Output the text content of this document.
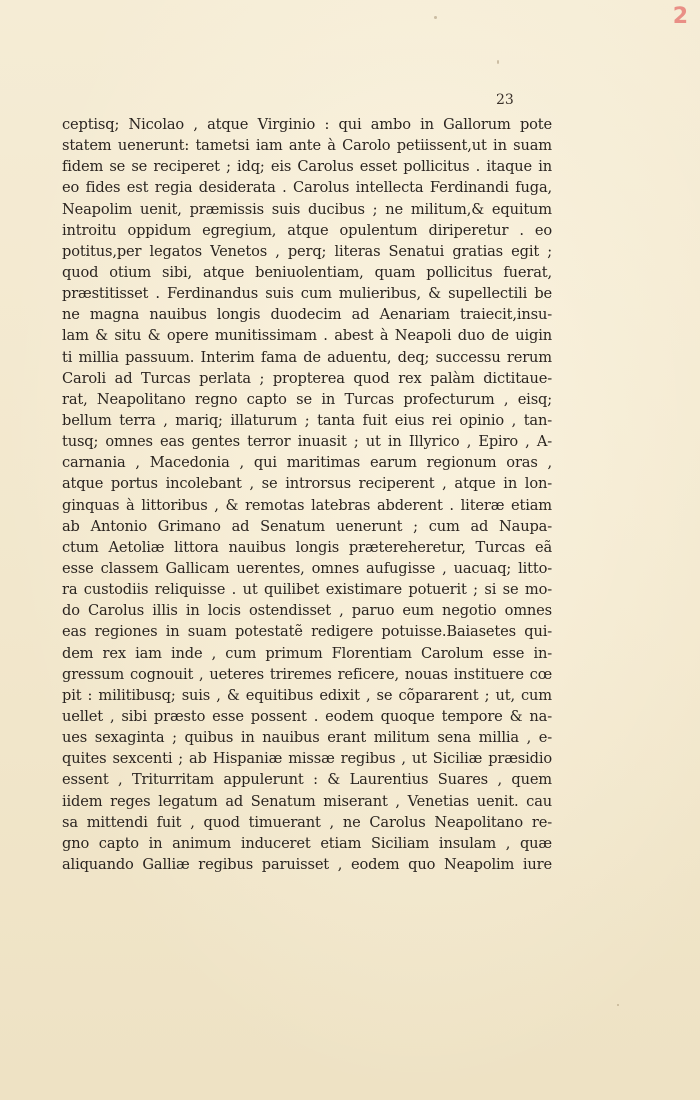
2
23
ceptisq; Nicolao , atque Virginio : qui ambo in Gallorum pote
statem uenerunt: tametsi iam ante à Carolo petiissent,ut in suam
fidem se se reciperet ; idq; eis Carolus esset pollicitus . itaque in
eo fides est regia desiderata . Carolus intellecta Ferdinandi fuga,
Neapolim uenit, præmissis suis ducibus ; ne militum,& equitum
introitu oppidum egregium, atque opulentum diriperetur . eo
potitus,per legatos Venetos , perq; literas Senatui gratias egit ;
quod otium sibi, atque beniuolentiam, quam pollicitus fuerat,
præstitisset . Ferdinandus suis cum mulieribus, & supellectili be
ne magna nauibus longis duodecim ad Aenariam traiecit,insu-
lam & situ & opere munitissimam . abest à Neapoli duo de uigin
ti millia passuum. Interim fama de aduentu, deq; successu rerum
Caroli ad Turcas perlata ; propterea quod rex palàm dictitaue-
rat, Neapolitano regno capto se in Turcas profecturum , eisq;
bellum terra , mariq; illaturum ; tanta fuit eius rei opinio , tan-
tusq; omnes eas gentes terror inuasit ; ut in Illyrico , Epiro , A-
carnania , Macedonia , qui maritimas earum regionum oras ,
atque portus incolebant , se introrsus reciperent , atque in lon-
ginquas à littoribus , & remotas latebras abderent . literæ etiam
ab Antonio Grimano ad Senatum uenerunt ; cum ad Naupa-
ctum Aetoliæ littora nauibus longis prætereheretur, Turcas eã
esse classem Gallicam uerentes, omnes aufugisse , uacuaq; litto-
ra custodiis reliquisse . ut quilibet existimare potuerit ; si se mo-
do Carolus illis in locis ostendisset , paruo eum negotio omnes
eas regiones in suam potestatẽ redigere potuisse.Baiasetes qui-
dem rex iam inde , cum primum Florentiam Carolum esse in-
gressum cognouit , ueteres triremes reficere, nouas instituere cœ
pit : militibusq; suis , & equitibus edixit , se cõpararent ; ut, cum
uellet , sibi præsto esse possent . eodem quoque tempore & na-
ues sexaginta ; quibus in nauibus erant militum sena millia , e-
quites sexcenti ; ab Hispaniæ missæ regibus , ut Siciliæ præsidio
essent , Triturritam appulerunt : & Laurentius Suares , quem
iidem reges legatum ad Senatum miserant , Venetias uenit. cau
sa mittendi fuit , quod timuerant , ne Carolus Neapolitano re-
gno capto in animum induceret etiam Siciliam insulam , quæ
aliquando Galliæ regibus paruisset , eodem quo Neapolim iure
